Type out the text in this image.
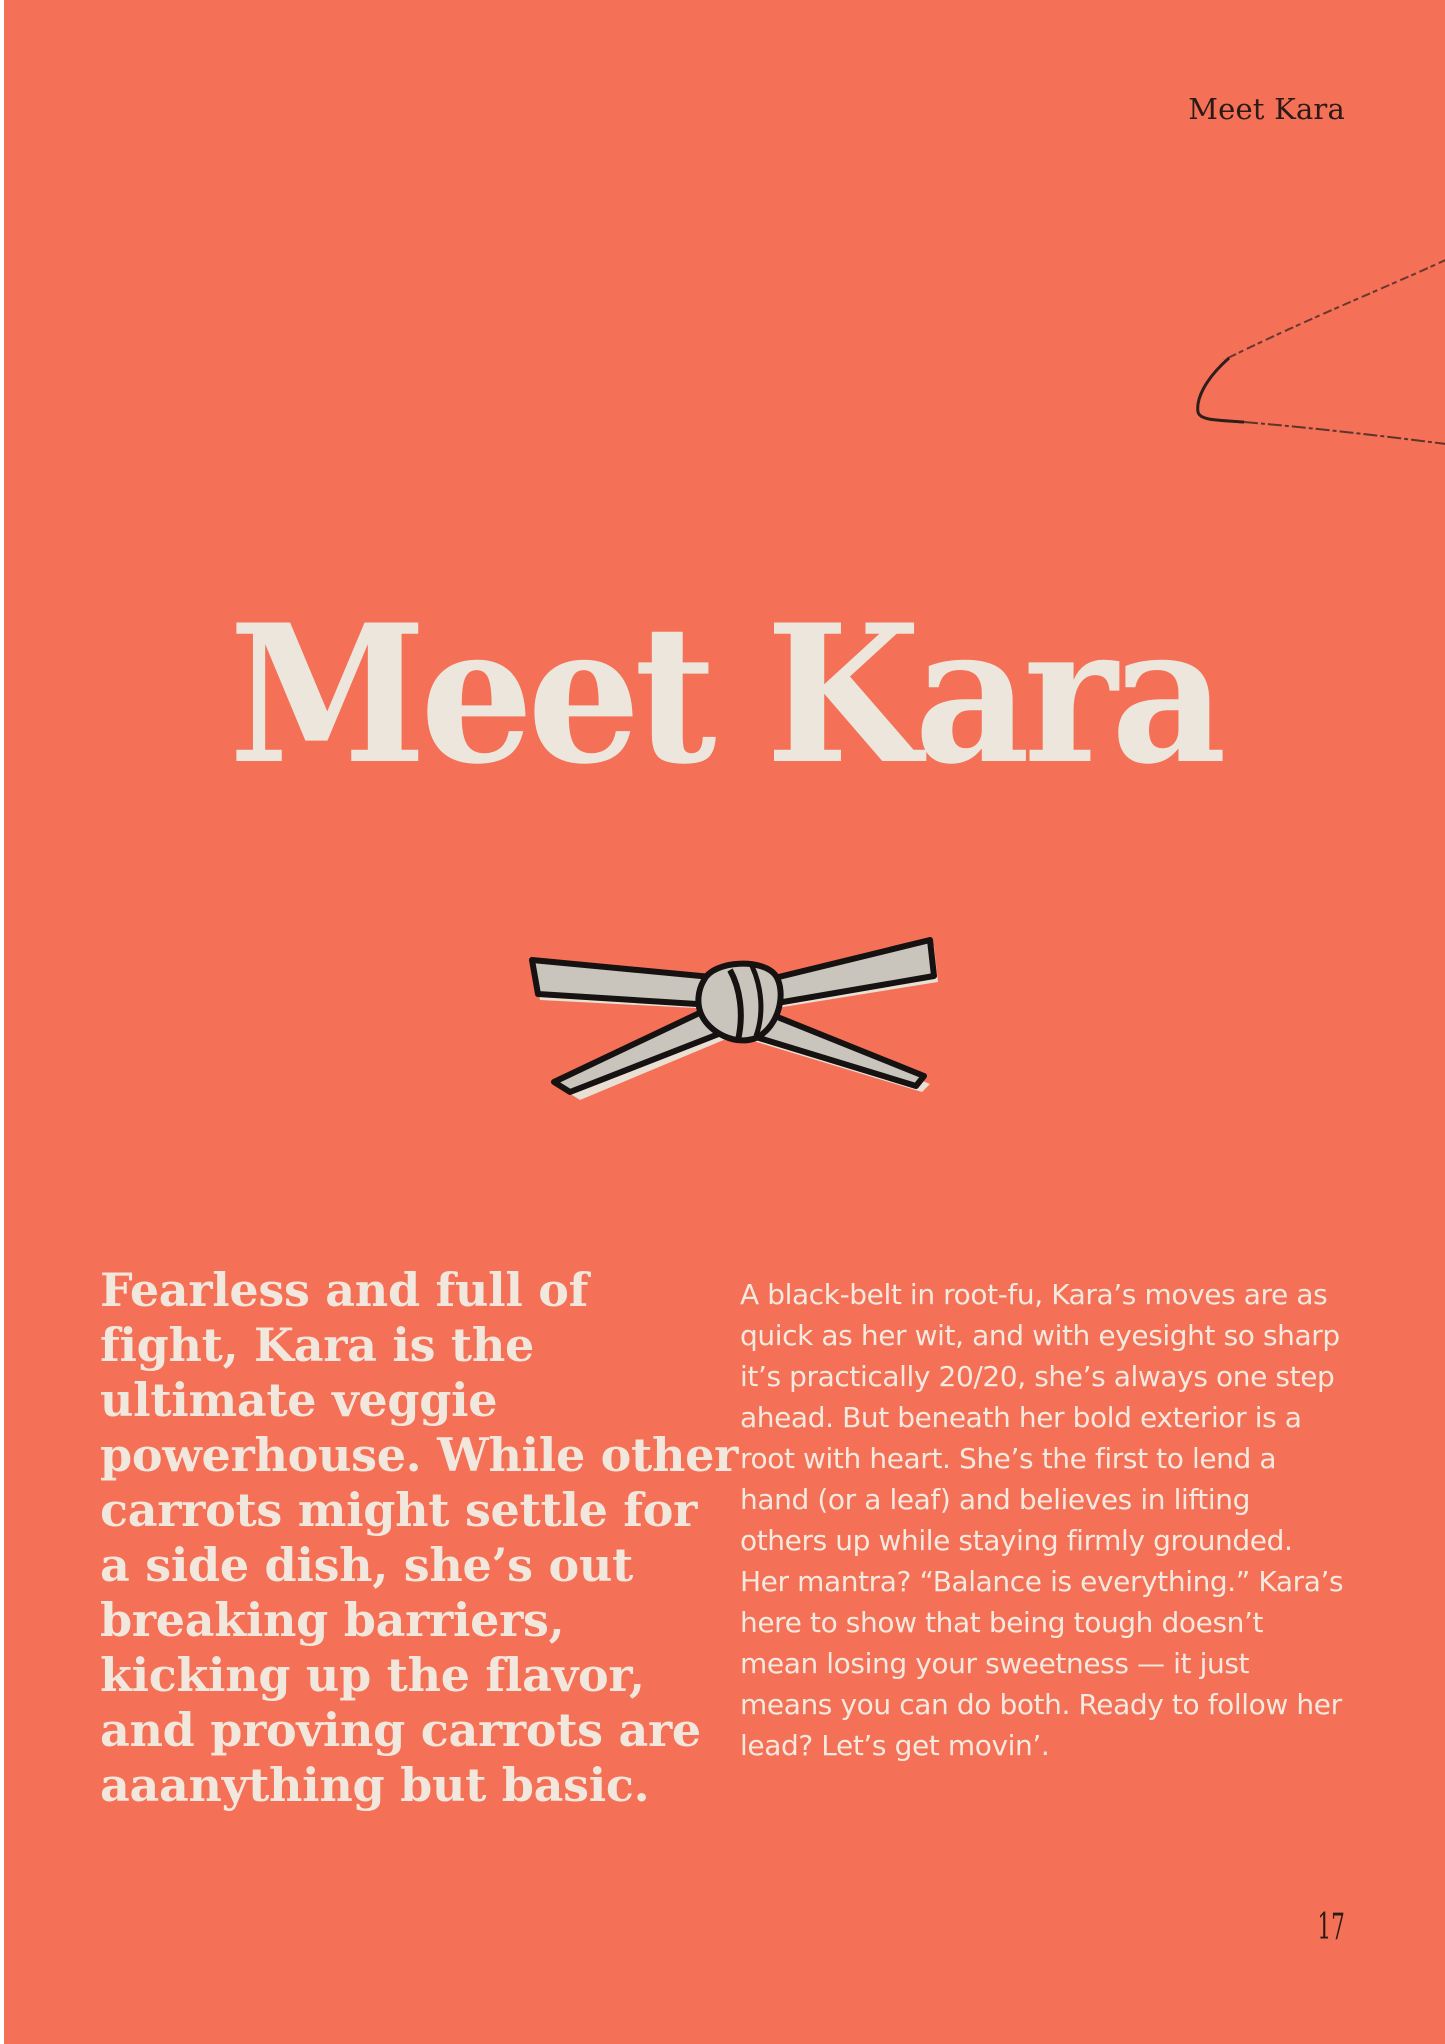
Meet Kara

Meet Kara

Fearless and full of fight, Kara is the ultimate veggie powerhouse. While other carrots might settle for a side dish, she’s out breaking barriers, kicking up the flavor, and proving carrots are aaanything but basic.

A black-belt in root-fu, Kara’s moves are as quick as her wit, and with eyesight so sharp it’s practically 20/20, she’s always one step ahead. But beneath her bold exterior is a root with heart. She’s the first to lend a hand (or a leaf) and believes in lifting others up while staying firmly grounded. Her mantra? “Balance is everything.” Kara’s here to show that being tough doesn’t mean losing your sweetness — it just means you can do both. Ready to follow her lead? Let’s get movin’.

17
